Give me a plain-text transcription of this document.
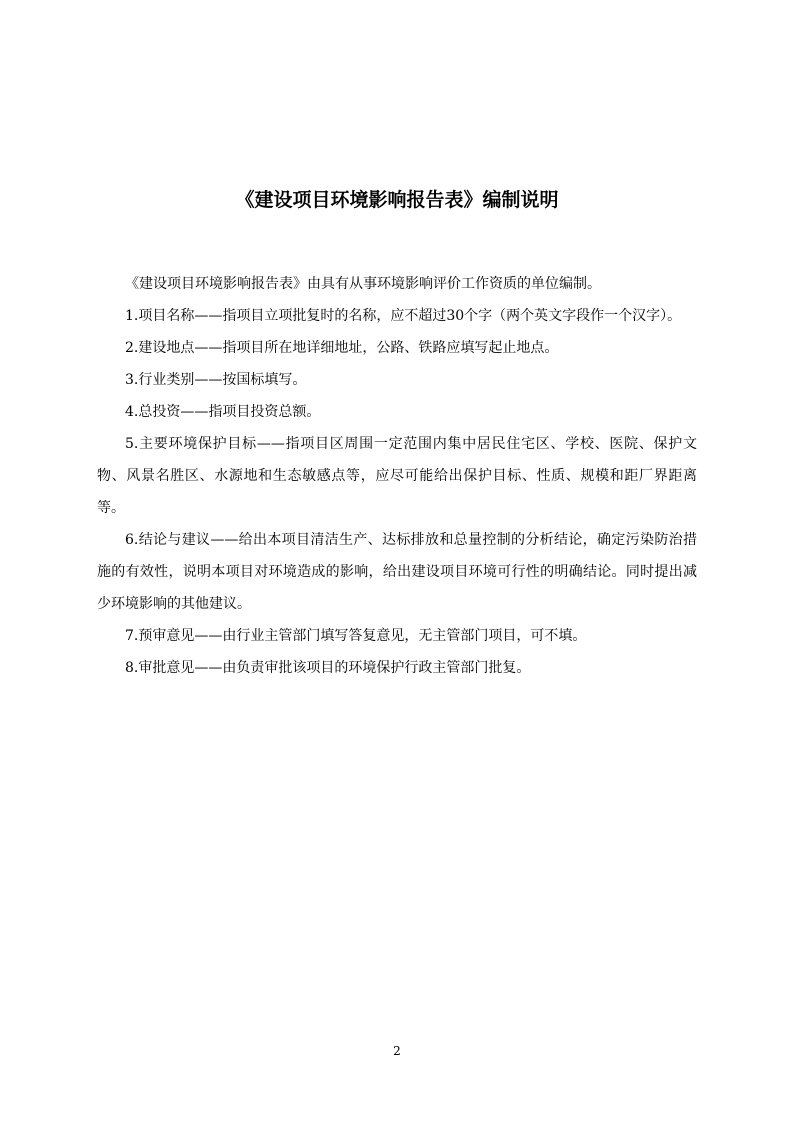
《建设项目环境影响报告表》编制说明

《建设项目环境影响报告表》由具有从事环境影响评价工作资质的单位编制。

1.项目名称——指项目立项批复时的名称，应不超过30个字（两个英文字段作一个汉字）。

2.建设地点——指项目所在地详细地址，公路、铁路应填写起止地点。

3.行业类别——按国标填写。

4.总投资——指项目投资总额。

5.主要环境保护目标——指项目区周围一定范围内集中居民住宅区、学校、医院、保护文物、风景名胜区、水源地和生态敏感点等，应尽可能给出保护目标、性质、规模和距厂界距离等。

6.结论与建议——给出本项目清洁生产、达标排放和总量控制的分析结论，确定污染防治措施的有效性，说明本项目对环境造成的影响，给出建设项目环境可行性的明确结论。同时提出减少环境影响的其他建议。

7.预审意见——由行业主管部门填写答复意见，无主管部门项目，可不填。

8.审批意见——由负责审批该项目的环境保护行政主管部门批复。

2
